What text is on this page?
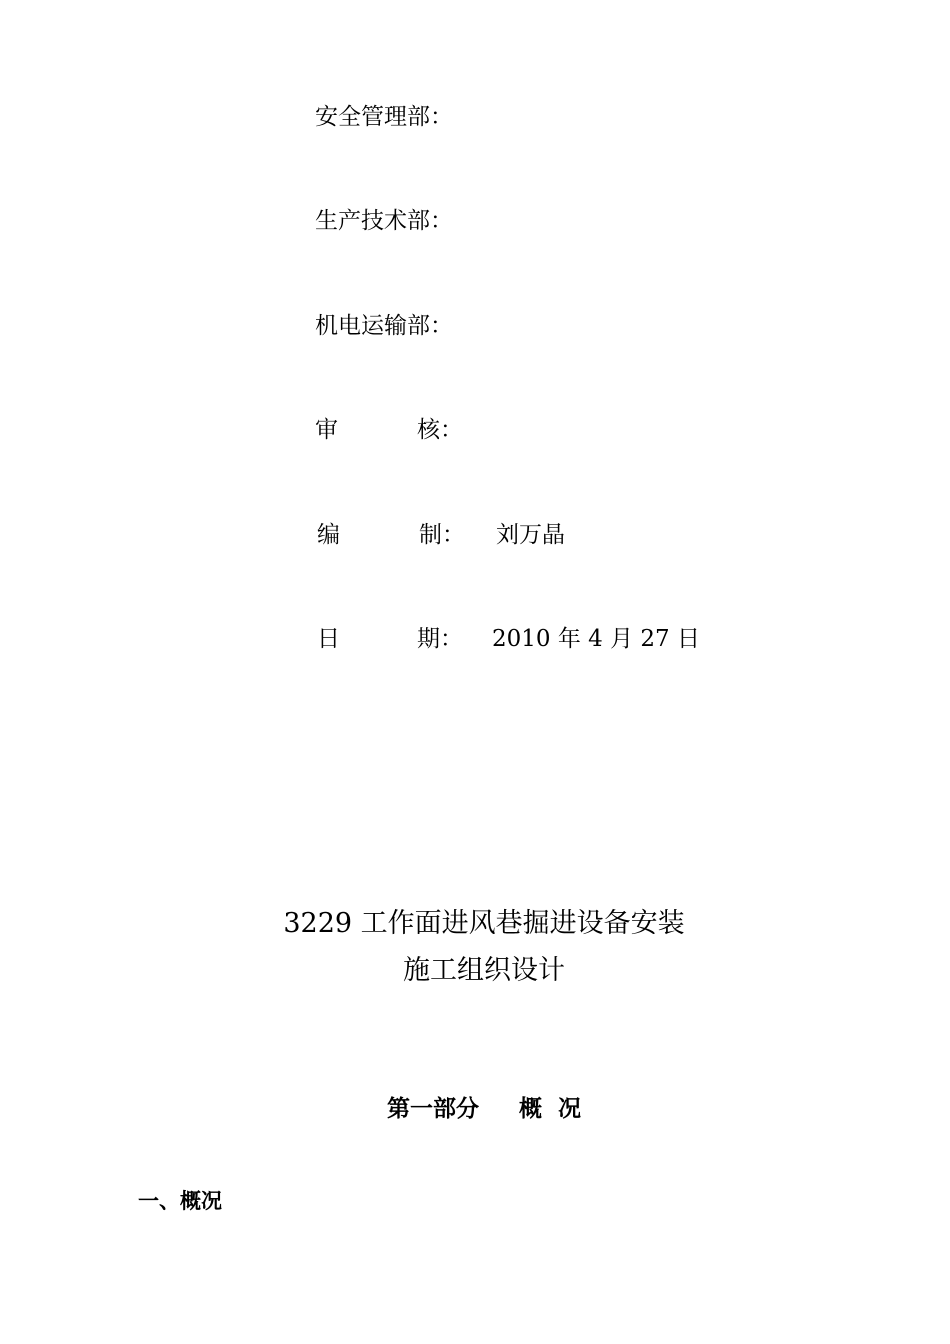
安全管理部：
生产技术部：
机电运输部：
审	核：
编	制： 刘万晶
日	期： 2010 年 4 月 27 日
3229 工作面进风巷掘进设备安装
施工组织设计
第一部分 概 况
一、概况
